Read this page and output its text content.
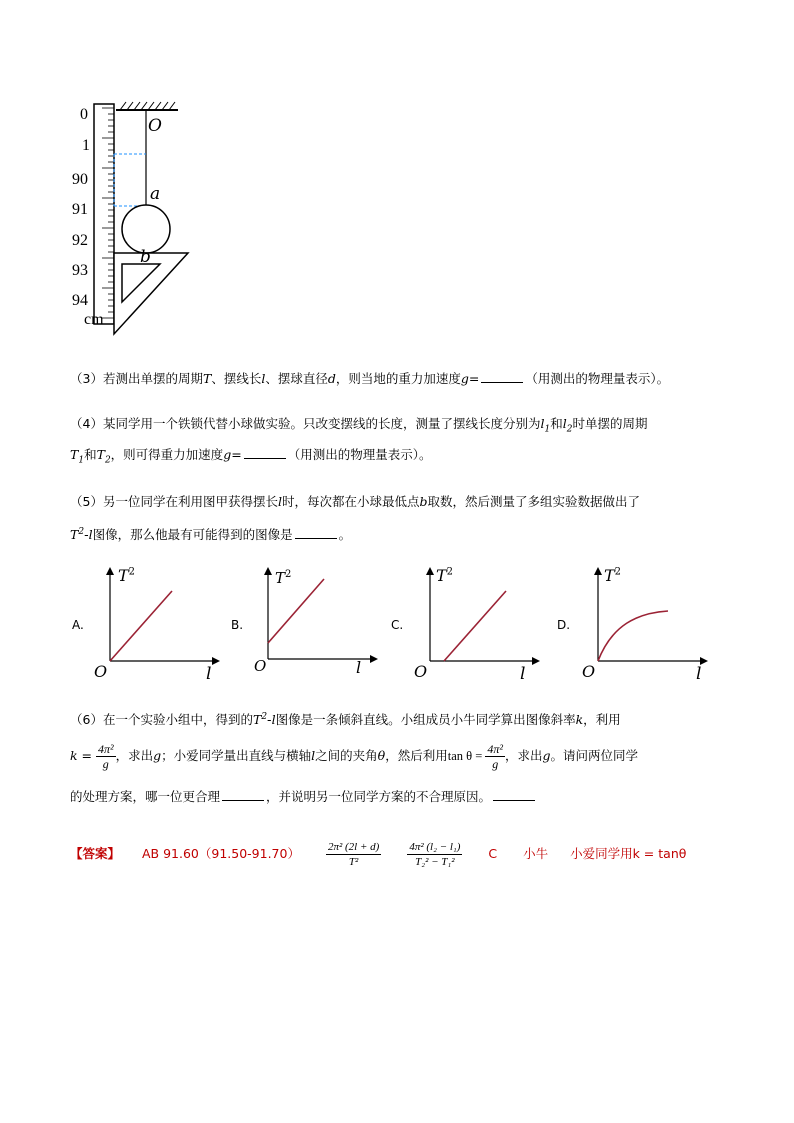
0
1
90
91
92
93
94
cm
O
a
b
（3）若测出单摆的周期T、摆线长l、摆球直径d，则当地的重力加速度g=	（用测出的物理量表示）。
（4）某同学用一个铁锁代替小球做实验。只改变摆线的长度，测量了摆线长度分别为$l_1$和$l_2$时单摆的周期
$T_1$和$T_2$，则可得重力加速度g=	（用测出的物理量表示）。
（5）另一位同学在利用图甲获得摆长l时，每次都在小球最低点b取数，然后测量了多组实验数据做出了
$T^2-l$图像，那么他最有可能得到的图像是	。
A.	B.	C.	D.
$T^2$
O	l
$T^2$
O	l
$T^2$
O	l
$T^2$
O	l
（6）在一个实验小组中，得到的$T^2-l$图像是一条倾斜直线。小组成员小牛同学算出图像斜率k，利用
$k = \frac{\text{4π²}}{g}$ ，求出g；小爱同学量出直线与横轴l之间的夹角θ，然后利用$\tan \theta = \frac{\text{4π²}}{g}$ ，求出g。请问两位同学
的处理方案，哪一位更合理	，并说明另一位同学方案的不合理原因。
【答案】 AB $91.60(91.50-91.70) \frac{\text{2π² (2l + d)}}{\text{T²}}$
$\frac{\text{4π² (l₂ − l₁)}}{\text{T₂² − T₁²}}$ C 小牛 小爱同学用k = tanθ
